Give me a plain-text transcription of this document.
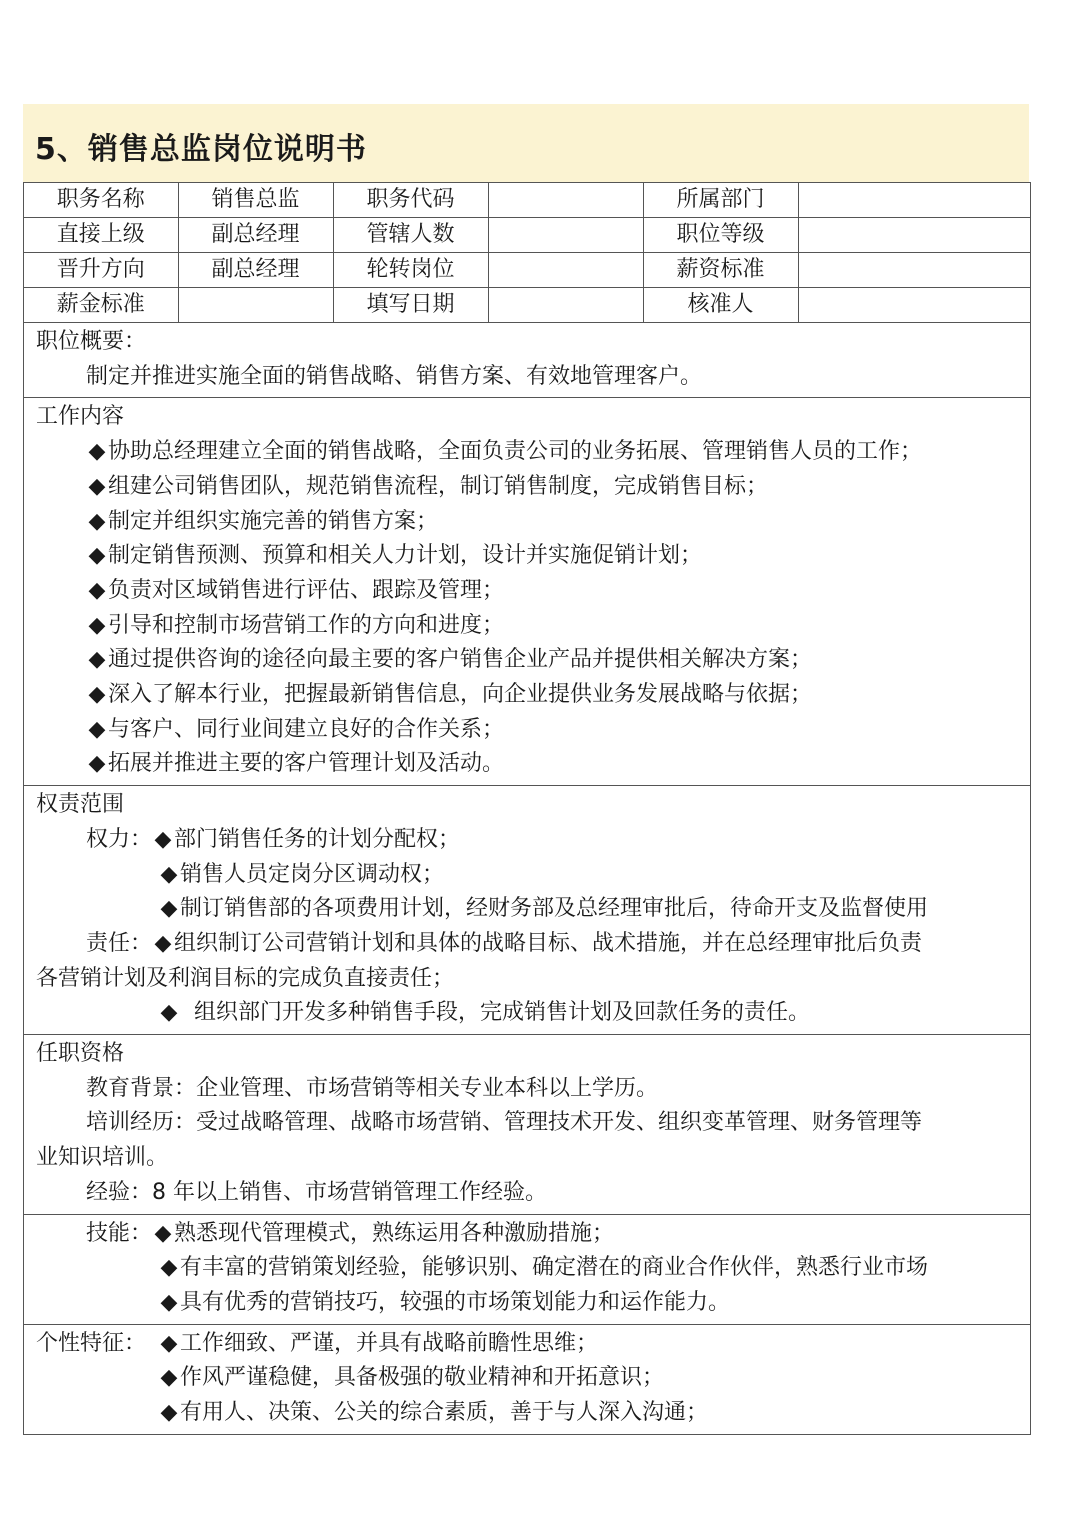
5、销售总监岗位说明书
职务名称	销售总监	职务代码		所属部门	
直接上级	副总经理	管辖人数		职位等级	
晋升方向	副总经理	轮转岗位		薪资标准	
薪金标准		填写日期		核准人	
职位概要：
制定并推进实施全面的销售战略、销售方案、有效地管理客户。
工作内容
◆ 协助总经理建立全面的销售战略，全面负责公司的业务拓展、管理销售人员的工作；
◆ 组建公司销售团队，规范销售流程，制订销售制度，完成销售目标；
◆ 制定并组织实施完善的销售方案；
◆ 制定销售预测、预算和相关人力计划，设计并实施促销计划；
◆ 负责对区域销售进行评估、跟踪及管理；
◆ 引导和控制市场营销工作的方向和进度；
◆ 通过提供咨询的途径向最主要的客户销售企业产品并提供相关解决方案；
◆ 深入了解本行业，把握最新销售信息，向企业提供业务发展战略与依据；
◆ 与客户、同行业间建立良好的合作关系；
◆ 拓展并推进主要的客户管理计划及活动。
权责范围
权力： ◆ 部门销售任务的计划分配权；
◆ 销售人员定岗分区调动权；
◆ 制订销售部的各项费用计划，经财务部及总经理审批后，待命开支及监督使用
责任： ◆ 组织制订公司营销计划和具体的战略目标、战术措施，并在总经理审批后负责
各营销计划及利润目标的完成负直接责任；
◆ 组织部门开发多种销售手段，完成销售计划及回款任务的责任。
任职资格
教育背景：企业管理、市场营销等相关专业本科以上学历。
培训经历：受过战略管理、战略市场营销、管理技术开发、组织变革管理、财务管理等
业知识培训。
经验：8 年以上销售、市场营销管理工作经验。
技能： ◆ 熟悉现代管理模式，熟练运用各种激励措施；
◆ 有丰富的营销策划经验，能够识别、确定潜在的商业合作伙伴，熟悉行业市场
◆ 具有优秀的营销技巧，较强的市场策划能力和运作能力。
个性特征： ◆ 工作细致、严谨，并具有战略前瞻性思维；
◆ 作风严谨稳健，具备极强的敬业精神和开拓意识；
◆ 有用人、决策、公关的综合素质，善于与人深入沟通；
